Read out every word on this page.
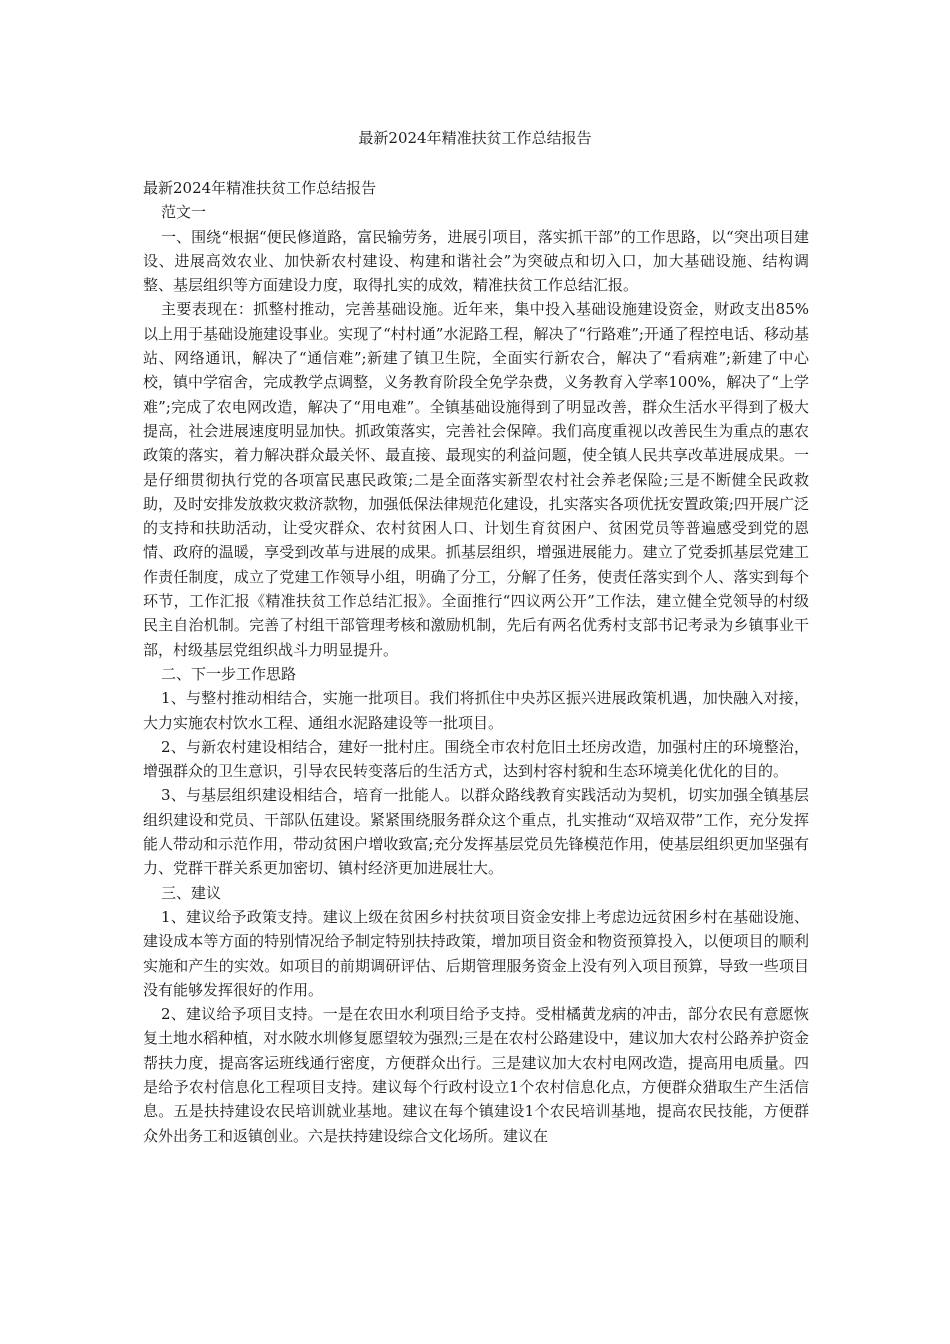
最新2024年精准扶贫工作总结报告

最新2024年精准扶贫工作总结报告

范文一

一、围绕“根据“便民修道路，富民输劳务，进展引项目，落实抓干部”的工作思路，以“突出项目建设、进展高效农业、加快新农村建设、构建和谐社会”为突破点和切入口，加大基础设施、结构调整、基层组织等方面建设力度，取得扎实的成效，精准扶贫工作总结汇报。

主要表现在：抓整村推动，完善基础设施。近年来，集中投入基础设施建设资金，财政支出85%以上用于基础设施建设事业。实现了“村村通”水泥路工程，解决了“行路难”;开通了程控电话、移动基站、网络通讯，解决了“通信难”;新建了镇卫生院，全面实行新农合，解决了“看病难”;新建了中心校，镇中学宿舍，完成教学点调整，义务教育阶段全免学杂费，义务教育入学率100%，解决了“上学难”;完成了农电网改造，解决了“用电难”。全镇基础设施得到了明显改善，群众生活水平得到了极大提高，社会进展速度明显加快。抓政策落实，完善社会保障。我们高度重视以改善民生为重点的惠农政策的落实，着力解决群众最关怀、最直接、最现实的利益问题，使全镇人民共享改革进展成果。一是仔细贯彻执行党的各项富民惠民政策;二是全面落实新型农村社会养老保险;三是不断健全民政救助，及时安排发放救灾救济款物，加强低保法律规范化建设，扎实落实各项优抚安置政策;四开展广泛的支持和扶助活动，让受灾群众、农村贫困人口、计划生育贫困户、贫困党员等普遍感受到党的恩情、政府的温暖，享受到改革与进展的成果。抓基层组织，增强进展能力。建立了党委抓基层党建工作责任制度，成立了党建工作领导小组，明确了分工，分解了任务，使责任落实到个人、落实到每个环节，工作汇报《精准扶贫工作总结汇报》。全面推行“四议两公开”工作法，建立健全党领导的村级民主自治机制。完善了村组干部管理考核和激励机制，先后有两名优秀村支部书记考录为乡镇事业干部，村级基层党组织战斗力明显提升。

二、下一步工作思路

1、与整村推动相结合，实施一批项目。我们将抓住中央苏区振兴进展政策机遇，加快融入对接，大力实施农村饮水工程、通组水泥路建设等一批项目。

2、与新农村建设相结合，建好一批村庄。围绕全市农村危旧土坯房改造，加强村庄的环境整治，增强群众的卫生意识，引导农民转变落后的生活方式，达到村容村貌和生态环境美化优化的目的。

3、与基层组织建设相结合，培育一批能人。以群众路线教育实践活动为契机，切实加强全镇基层组织建设和党员、干部队伍建设。紧紧围绕服务群众这个重点，扎实推动“双培双带”工作，充分发挥能人带动和示范作用，带动贫困户增收致富;充分发挥基层党员先锋模范作用，使基层组织更加坚强有力、党群干群关系更加密切、镇村经济更加进展壮大。

三、建议

1、建议给予政策支持。建议上级在贫困乡村扶贫项目资金安排上考虑边远贫困乡村在基础设施、建设成本等方面的特别情况给予制定特别扶持政策，增加项目资金和物资预算投入，以便项目的顺利实施和产生的实效。如项目的前期调研评估、后期管理服务资金上没有列入项目预算，导致一些项目没有能够发挥很好的作用。

2、建议给予项目支持。一是在农田水利项目给予支持。受柑橘黄龙病的冲击，部分农民有意愿恢复土地水稻种植，对水陂水圳修复愿望较为强烈;三是在农村公路建设中，建议加大农村公路养护资金帮扶力度，提高客运班线通行密度，方便群众出行。三是建议加大农村电网改造，提高用电质量。四是给予农村信息化工程项目支持。建议每个行政村设立1个农村信息化点，方便群众猎取生产生活信息。五是扶持建设农民培训就业基地。建议在每个镇建设1个农民培训基地，提高农民技能，方便群众外出务工和返镇创业。六是扶持建设综合文化场所。建议在
